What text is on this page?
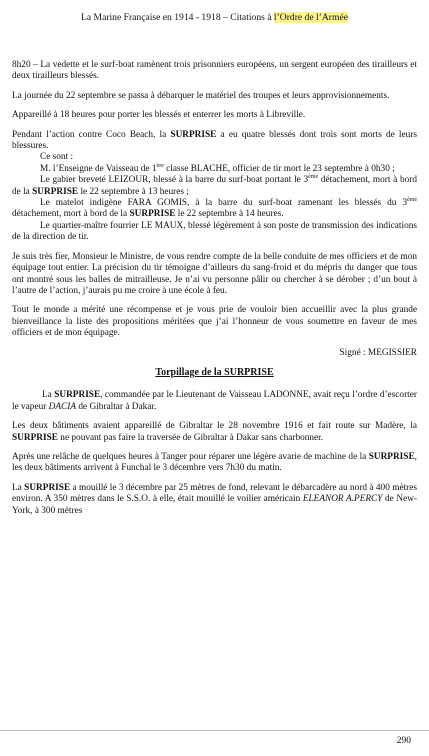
La Marine Française en 1914 - 1918 – Citations à l’Ordre de l’Armée

8h20 – La vedette et le surf-boat ramènent trois prisonniers européens, un sergent européen des tirailleurs et deux tirailleurs blessés.

La journée du 22 septembre se passa à débarquer le matériel des troupes et leurs approvisionnements.

Appareillé à 18 heures pour porter les blessés et enterrer les morts à Libreville.

Pendant l’action contre Coco Beach, la SURPRISE a eu quatre blessés dont trois sont morts de leurs blessures.

Ce sont :

M. l’Enseigne de Vaisseau de 1ère classe BLACHE, officier de tir mort le 23 septembre à 0h30 ;

Le gabier breveté LEIZOUR, blessé à la barre du surf-boat portant le 3ème détachement, mort à bord de la SURPRISE le 22 septembre à 13 heures ;

Le matelot indigène FARA GOMIS, à la barre du surf-boat ramenant les blessés du 3ème détachement, mort à bord de la SURPRISE le 22 septembre à 14 heures.

Le quartier-maître fourrier LE MAUX, blessé légèrement à son poste de transmission des indications de la direction de tir.

Je suis très fier, Monsieur le Ministre, de vous rendre compte de la belle conduite de mes officiers et de mon équipage tout entier. La précision du tir témoigne d’ailleurs du sang-froid et du mépris du danger que tous ont montré sous les balles de mitrailleuse. Je n’ai vu personne pâlir ou chercher à se dérober ; d’un bout à l’autre de l’action, j’aurais pu me croire à une école à feu.

Tout le monde a mérité une récompense et je vous prie de vouloir bien accueillir avec la plus grande bienveillance la liste des propositions méritées que j’ai l’honneur de vous soumettre en faveur de mes officiers et de mon équipage.

Signé : MEGISSIER

Torpillage de la SURPRISE

La SURPRISE, commandée par le Lieutenant de Vaisseau LADONNE, avait reçu l’ordre d’escorter le vapeur DACIA de Gibraltar à Dakar.

Les deux bâtiments avaient appareillé de Gibraltar le 28 novembre 1916 et fait route sur Madère, la SURPRISE ne pouvant pas faire la traversée de Gibraltar à Dakar sans charbonner.

Après une relâche de quelques heures à Tanger pour réparer une légère avarie de machine de la SURPRISE, les deux bâtiments arrivent à Funchal le 3 décembre vers 7h30 du matin.

La SURPRISE a mouillé le 3 décembre par 25 mètres de fond, relevant le débarcadère au nord à 400 mètres environ. A 350 mètres dans le S.S.O. à elle, était mouillé le voilier américain ELEANOR A.PERCY de New-York, à 300 mètres

290
